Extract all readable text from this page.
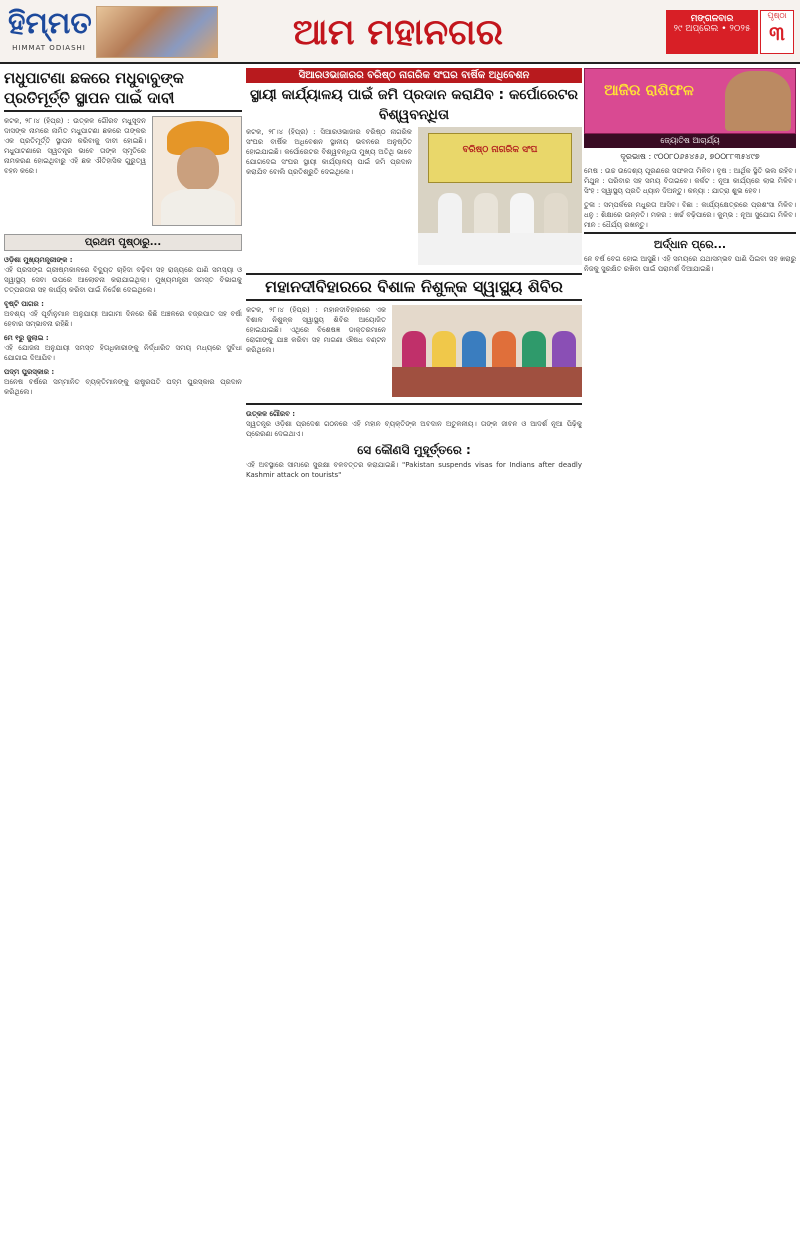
ହିମ୍ମତ
HIMMAT ODIASHI	ଆମ ମହାନଗର	ମଙ୍ଗଳବାର
୨୯ ଅପ୍ରେଲ • ୨୦୨୫
ପୃଷ୍ଠା
୩
ମଧୁପାଟଣା ଛକରେ ମଧୁବାବୁଙ୍କ ପ୍ରତିମୂର୍ତ୍ତି ସ୍ଥାପନ ପାଇଁ ଦାବୀ

କଟକ, ୨୮।୪ (ହିପ୍ର) : ଉତ୍କଳ ଗୌରବ ମଧୁସୂଦନ ଦାସଙ୍କ ନାମରେ ନାମିତ ମଧୁପାଟଣା ଛକରେ ତାଙ୍କର ଏକ ପ୍ରତିମୂର୍ତ୍ତି ସ୍ଥାପନ କରିବାକୁ ଦାବୀ ହୋଇଛି। ମଧୁପାଟଣାରେ ସ୍ୱତନ୍ତ୍ର ଭାବେ ତାଙ୍କ ସ୍ମୃତିରେ ନାମକରଣ ହୋଇଥିବାରୁ ଏହି ଛକ ଐତିହାସିକ ଗୁରୁତ୍ୱ ବହନ କରେ।

ପ୍ରଥମ ପୃଷ୍ଠାରୁ...

ଓଡ଼ିଶା ମୁଖ୍ୟମନ୍ତ୍ରୀଙ୍କ :

ଏହି ପ୍ରସଙ୍ଗ ଗ୍ରୀଷ୍ମକାଳରେ ବିଦ୍ୟୁତ ଚାହିଦା ବଢ଼ିବା ସହ ରାଜ୍ୟରେ ପାଣି ସମସ୍ୟା ଓ ସ୍ୱାସ୍ଥ୍ୟ ସେବା ଉପରେ ଆଲୋଚନା କରାଯାଇଥିଲା। ମୁଖ୍ୟମନ୍ତ୍ରୀ ସମସ୍ତ ବିଭାଗକୁ ତତ୍ପରତାର ସହ କାର୍ଯ୍ୟ କରିବା ପାଇଁ ନିର୍ଦ୍ଦେଶ ଦେଇଥିଲେ।

ବୃଷ୍ଟି ପାଗର :

ଅବଶ୍ୟ ଏହି ପୂର୍ବାନୁମାନ ଅନୁଯାୟୀ ଆଗାମୀ ଦିନରେ କିଛି ଅଞ୍ଚଳରେ ବଜ୍ରପାତ ସହ ବର୍ଷା ହେବାର ସମ୍ଭାବନା ରହିଛି।

ମେ ୧ରୁ ଜୁଲାଇ :

ଏହି ଯୋଜନା ଅନୁଯାୟୀ ସମସ୍ତ ହିତାଧିକାରୀଙ୍କୁ ନିର୍ଦ୍ଧାରିତ ସମୟ ମଧ୍ୟରେ ସୁବିଧା ଯୋଗାଇ ଦିଆଯିବ।

ପଦ୍ମ ପୁରସ୍କାର :

ଅନେଷ ବର୍ଷରେ ସମ୍ମାନିତ ବ୍ୟକ୍ତିମାନଙ୍କୁ ରାଷ୍ଟ୍ରପତି ପଦ୍ମ ପୁରସ୍କାର ପ୍ରଦାନ କରିଥିଲେ।

ସିଆରଓଭାଜାରର ବରିଷ୍ଠ ନାଗରିକ ସଂଘର ବାର୍ଷିକ ଅଧିବେଶନ
ସ୍ଥାୟୀ କାର୍ଯ୍ୟାଳୟ ପାଇଁ ଜମି ପ୍ରଦାନ କରାଯିବ : କର୍ପୋରେଟର ବିଶ୍ୱବନ୍ଧିତା
ବରିଷ୍ଠ ନାଗରିକ ସଂଘ

କଟକ, ୨୮।୪ (ହିପ୍ର) : ସିଆରଓଭାଜାର ବରିଷ୍ଠ ନାଗରିକ ସଂଘର ବାର୍ଷିକ ଅଧିବେଶନ ସ୍ଥାନୀୟ ଭବନରେ ଅନୁଷ୍ଠିତ ହୋଇଯାଇଛି। କର୍ପୋରେଟର ବିଶ୍ୱବନ୍ଧିତା ମୁଖ୍ୟ ଅତିଥି ଭାବେ ଯୋଗଦେଇ ସଂଘର ସ୍ଥାୟୀ କାର୍ଯ୍ୟାଳୟ ପାଇଁ ଜମି ପ୍ରଦାନ କରାଯିବ ବୋଲି ପ୍ରତିଶ୍ରୁତି ଦେଇଥିଲେ।

ମହାନଦୀବିହାରରେ ବିଶାଳ ନିଶୁଳ୍କ ସ୍ୱାସ୍ଥ୍ୟ ଶିବିର

କଟକ, ୨୮।୪ (ହିପ୍ର) : ମହାନଦୀବିହାରରେ ଏକ ବିଶାଳ ନିଶୁଳ୍କ ସ୍ୱାସ୍ଥ୍ୟ ଶିବିର ଆୟୋଜିତ ହୋଇଯାଇଛି। ଏଥିରେ ବିଶେଷଜ୍ଞ ଡାକ୍ତରମାନେ ରୋଗୀଙ୍କୁ ଯାଞ୍ଚ କରିବା ସହ ମାଗଣା ଔଷଧ ବଣ୍ଟନ କରିଥିଲେ।

ଉତ୍କଳ ଗୌରବ :

ସ୍ୱତନ୍ତ୍ର ଓଡ଼ିଶା ପ୍ରଦେଶ ଗଠନରେ ଏହି ମହାନ ବ୍ୟକ୍ତିଙ୍କ ଅବଦାନ ଅତୁଳନୀୟ। ତାଙ୍କ ଜୀବନ ଓ ଆଦର୍ଶ ନୂଆ ପିଢ଼ିକୁ ପ୍ରେରଣା ଦେଇଥାଏ।

ସେ କୌଣସି ମୁହୂର୍ତ୍ତରେ :

ଏହି ଅବସ୍ଥାରେ ସୀମାରେ ସୁରକ୍ଷା ବଳବତ୍ତର କରାଯାଇଛି। "Pakistan suspends visas for Indians after deadly Kashmir attack on tourists"

ଆଜିର ରାଶିଫଳ
ଜ୍ୟୋତିଷ ଆଚାର୍ଯ୍ୟ
ଦୂରଭାଷ : ୯୦୦୮୦୬୫୪୫୬, ୭୦୦୮୮୩୫୪୯୭

ମେଷ : ଉଚ୍ଚ ଉଦ୍ଦେଶ୍ୟ ପୂରଣରେ ସଫଳତା ମିଳିବ। ବୃଷ : ଆର୍ଥିକ ସ୍ଥିତି ଭଲ ରହିବ। ମିଥୁନ : ପରିବାର ସହ ସମୟ ବିତାଇବେ। କର୍କଟ : ନୂଆ କାର୍ଯ୍ୟରେ ଲାଭ ମିଳିବ। ସିଂହ : ସ୍ୱାସ୍ଥ୍ୟ ପ୍ରତି ଧ୍ୟାନ ଦିଅନ୍ତୁ। କନ୍ୟା : ଯାତ୍ରା ଶୁଭ ହେବ।

ତୁଳା : ସମ୍ପର୍କରେ ମଧୁରତା ଆସିବ। ବିଛା : କାର୍ଯ୍ୟକ୍ଷେତ୍ରରେ ପ୍ରଶଂସା ମିଳିବ। ଧନୁ : ଶିକ୍ଷାରେ ଉନ୍ନତି। ମକର : ଖର୍ଚ୍ଚ ବଢ଼ିପାରେ। କୁମ୍ଭ : ନୂଆ ସୁଯୋଗ ମିଳିବ। ମୀନ : ଧୈର୍ଯ୍ୟ ରଖନ୍ତୁ।

ଅର୍ଦ୍ଧାନ ପ୍ରେ...

ନେ ବର୍ଷ ବେଗ ହୋଇ ଆସୁଛି। ଏହି ସମୟରେ ଯଥାସମ୍ଭବ ପାଣି ପିଇବା ସହ ଖରାରୁ ନିଜକୁ ସୁରକ୍ଷିତ ରଖିବା ପାଇଁ ପରାମର୍ଶ ଦିଆଯାଇଛି।
